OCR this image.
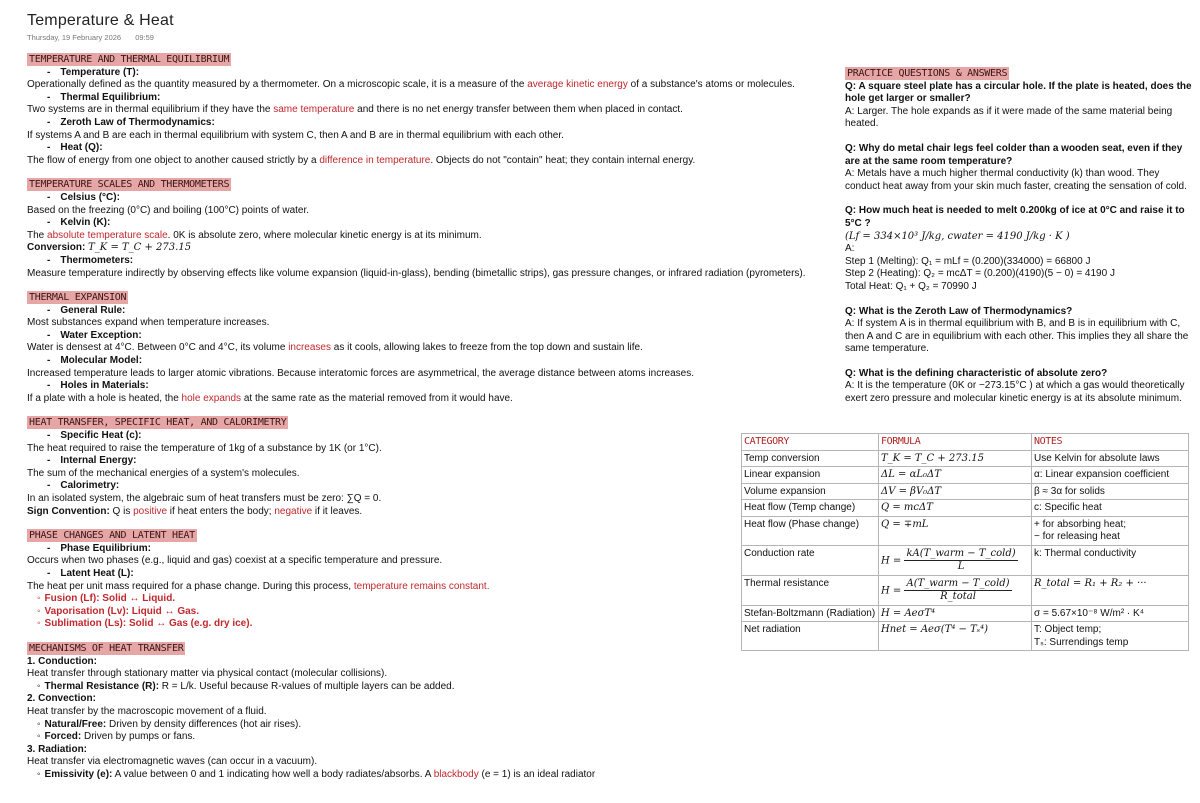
Temperature & Heat
Thursday, 19 February 2026 09:59
TEMPERATURE AND THERMAL EQUILIBRIUM
- Temperature (T):
Operationally defined as the quantity measured by a thermometer. On a microscopic scale, it is a measure of the average kinetic energy of a substance's atoms or molecules.
- Thermal Equilibrium:
Two systems are in thermal equilibrium if they have the same temperature and there is no net energy transfer between them when placed in contact.
- Zeroth Law of Thermodynamics:
If systems A and B are each in thermal equilibrium with system C, then A and B are in thermal equilibrium with each other.
- Heat (Q):
The flow of energy from one object to another caused strictly by a difference in temperature. Objects do not "contain" heat; they contain internal energy.
TEMPERATURE SCALES AND THERMOMETERS
- Celsius (°C):
Based on the freezing (0°C) and boiling (100°C) points of water.
- Kelvin (K):
The absolute temperature scale. 0K is absolute zero, where molecular kinetic energy is at its minimum.
Conversion: T_K = T_C + 273.15
- Thermometers:
Measure temperature indirectly by observing effects like volume expansion (liquid-in-glass), bending (bimetallic strips), gas pressure changes, or infrared radiation (pyrometers).
THERMAL EXPANSION
- General Rule:
Most substances expand when temperature increases.
- Water Exception:
Water is densest at 4°C. Between 0°C and 4°C, its volume increases as it cools, allowing lakes to freeze from the top down and sustain life.
- Molecular Model:
Increased temperature leads to larger atomic vibrations. Because interatomic forces are asymmetrical, the average distance between atoms increases.
- Holes in Materials:
If a plate with a hole is heated, the hole expands at the same rate as the material removed from it would have.
HEAT TRANSFER, SPECIFIC HEAT, AND CALORIMETRY
- Specific Heat (c):
The heat required to raise the temperature of 1kg of a substance by 1K (or 1°C).
- Internal Energy:
The sum of the mechanical energies of a system's molecules.
- Calorimetry:
In an isolated system, the algebraic sum of heat transfers must be zero: ∑Q = 0.
Sign Convention: Q is positive if heat enters the body; negative if it leaves.
PHASE CHANGES AND LATENT HEAT
- Phase Equilibrium:
Occurs when two phases (e.g., liquid and gas) coexist at a specific temperature and pressure.
- Latent Heat (L):
The heat per unit mass required for a phase change. During this process, temperature remains constant.
◦ Fusion (Lf): Solid ↔ Liquid.
◦ Vaporisation (Lv): Liquid ↔ Gas.
◦ Sublimation (Ls): Solid ↔ Gas (e.g. dry ice).
MECHANISMS OF HEAT TRANSFER
1. Conduction:
Heat transfer through stationary matter via physical contact (molecular collisions).
◦ Thermal Resistance (R): R = L/k. Useful because R-values of multiple layers can be added.
2. Convection:
Heat transfer by the macroscopic movement of a fluid.
◦ Natural/Free: Driven by density differences (hot air rises).
◦ Forced: Driven by pumps or fans.
3. Radiation:
Heat transfer via electromagnetic waves (can occur in a vacuum).
◦ Emissivity (e): A value between 0 and 1 indicating how well a body radiates/absorbs. A blackbody (e = 1) is an ideal radiator
PRACTICE QUESTIONS & ANSWERS
Q: A square steel plate has a circular hole. If the plate is heated, does the hole get larger or smaller?
A: Larger. The hole expands as if it were made of the same material being heated.
Q: Why do metal chair legs feel colder than a wooden seat, even if they are at the same room temperature?
A: Metals have a much higher thermal conductivity (k) than wood. They conduct heat away from your skin much faster, creating the sensation of cold.
Q: How much heat is needed to melt 0.200kg of ice at 0°C and raise it to 5°C ?
(Lf = 334×10³ J/kg, cwater = 4190 J/kg · K )
A:
Step 1 (Melting): Q₁ = mLf = (0.200)(334000) = 66800 J
Step 2 (Heating): Q₂ = mcΔT = (0.200)(4190)(5 − 0) = 4190 J
Total Heat: Q₁ + Q₂ = 70990 J
Q: What is the Zeroth Law of Thermodynamics?
A: If system A is in thermal equilibrium with B, and B is in equilibrium with C, then A and C are in equilibrium with each other. This implies they all share the same temperature.
Q: What is the defining characteristic of absolute zero?
A: It is the temperature (0K or −273.15°C ) at which a gas would theoretically exert zero pressure and molecular kinetic energy is at its absolute minimum.
CATEGORY	FORMULA	NOTES
Temp conversion	T_K = T_C + 273.15	Use Kelvin for absolute laws
Linear expansion	ΔL = αL₀ΔT	α: Linear expansion coefficient
Volume expansion	ΔV = βV₀ΔT	β ≈ 3α for solids
Heat flow (Temp change)	Q = mcΔT	c: Specific heat
Heat flow (Phase change)	Q = ∓mL	+ for absorbing heat;
− for releasing heat

Conduction rate	$H = \frac{\text{kA(T\_warm − T\_cold)}}{L}$	k: Thermal conductivity
Thermal resistance	$H = \frac{\text{A(T\_warm − T\_cold)}}{\text{R\_total}}$	R_total = R₁ + R₂ + ···
Stefan-Boltzmann (Radiation)	H = AeσT⁴	σ = 5.67×10⁻⁸ W/m² · K⁴
Net radiation	Hnet = Aeσ(T⁴ − Tₛ⁴)	T: Object temp;
Tₛ: Surrendings temp
